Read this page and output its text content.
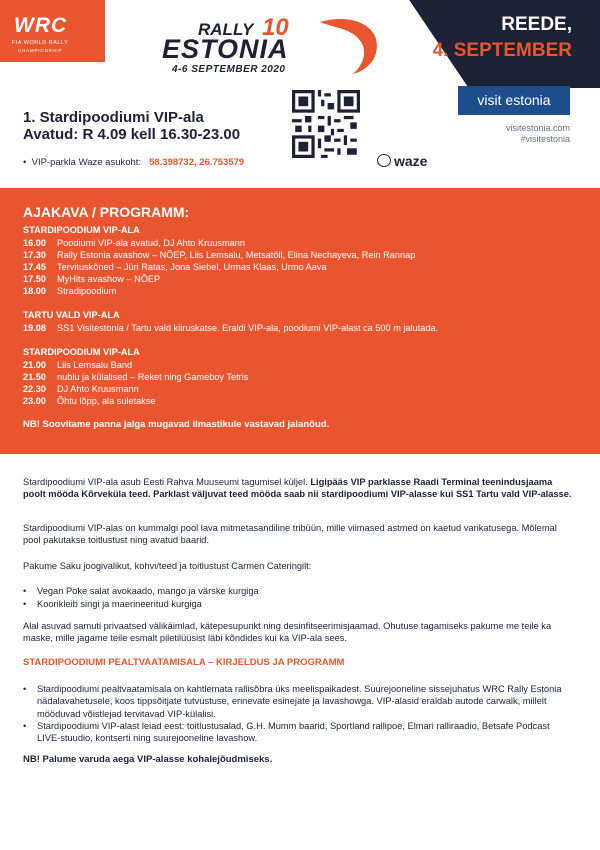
WRC
FIA WORLD RALLY
CHAMPIONSHIP
RALLY 10
ESTONIA
4-6 SEPTEMBER 2020
REEDE,
4. SEPTEMBER
1. Stardipoodiumi VIP-ala
Avatud: R 4.09 kell 16.30-23.00
•  VIP-parkla Waze asukoht: 58.398732, 26.753579	waze
visit estonia
visitestonia.com
#visitestonia
AJAKAVA / PROGRAMM:
STARDIPOODIUM VIP-ALA
16.00 Poodiumi VIP-ala avatud, DJ Ahto Kruusmann
17.30 Rally Estonia avashow – NÕEP, Liis Lemsalu, Metsatöll, Elina Nechayeva, Rein Rannap
17.45 Tervituskõned – Jüri Ratas, Jona Siebel, Urmas Klaas, Urmo Aava
17.50 MyHits avashow – NÕEP
18.00 Stradipoodium
TARTU VALD VIP-ALA
19.08 SS1 Visitestonia / Tartu vald kiiruskatse. Eraldi VIP-ala, poodiumi VIP-alast ca 500 m jalutada.
STARDIPOODIUM VIP-ALA
21.00 Liis Lemsalu Band
21.50 nublu ja külalised – Reket ning Gameboy Tetris
22.30 DJ Ahto Kruusmann
23.00 Õhtu lõpp, ala suletakse
NB! Soovitame panna jalga mugavad ilmastikule vastavad jalanõud.
Stardipoodiumi VIP-ala asub Eesti Rahva Muuseumi tagumisel küljel. Ligipääs VIP parklasse Raadi Terminal teenindusjaama poolt mööda Kõrveküla teed. Parklast väljuvat teed mööda saab nii stardipoodiumi VIP-alasse kui SS1 Tartu vald VIP-alasse.
Stardipoodiumi VIP-alas on kummalgi pool lava mitmetasandiline tribüün, mille viimased astmed on kaetud varikatusega. Mõlemal pool pakutakse toitlustust ning avatud baarid.
Pakume Saku joogivalikut, kohvi/teed ja toitlustust Carmen Cateringilt:
• Vegan Poke salat avokaado, mango ja värske kurgiga
• Koorikleib singi ja maerineeritud kurgiga
Alal asuvad samuti privaatsed välikäimlad, kätepesupunkt ning desinfitseerimisjaamad. Ohutuse tagamiseks pakume me teile ka maske, mille jagame teile esmalt piletilüüsist läbi kõndides kui ka VIP-ala sees.
STARDIPOODIUMI PEALTVAATAMISALA – KIRJELDUS JA PROGRAMM
• Stardipoodiumi pealtvaatamisala on kahtlemata rallisõbra üks meelispaikadest. Suurejooneline sissejuhatus WRC Rally Estonia nädalavahetusele, koos tippsõitjate tutvustuse, erinevate esinejate ja lavashowga. VIP-alasid eraldab autode carwalk, millelt mööduvad võistlejad tervitavad VIP-külalisi.
• Stardipoodiumi VIP-alast leiad eest: toitlustusalad, G.H. Mumm baarid, Sportland rallipoe, Elmari ralliraadio, Betsafe Podcast LIVE-stuudio, kontserti ning suurejooneline lavashow.
NB! Palume varuda aega VIP-alasse kohalejõudmiseks.
